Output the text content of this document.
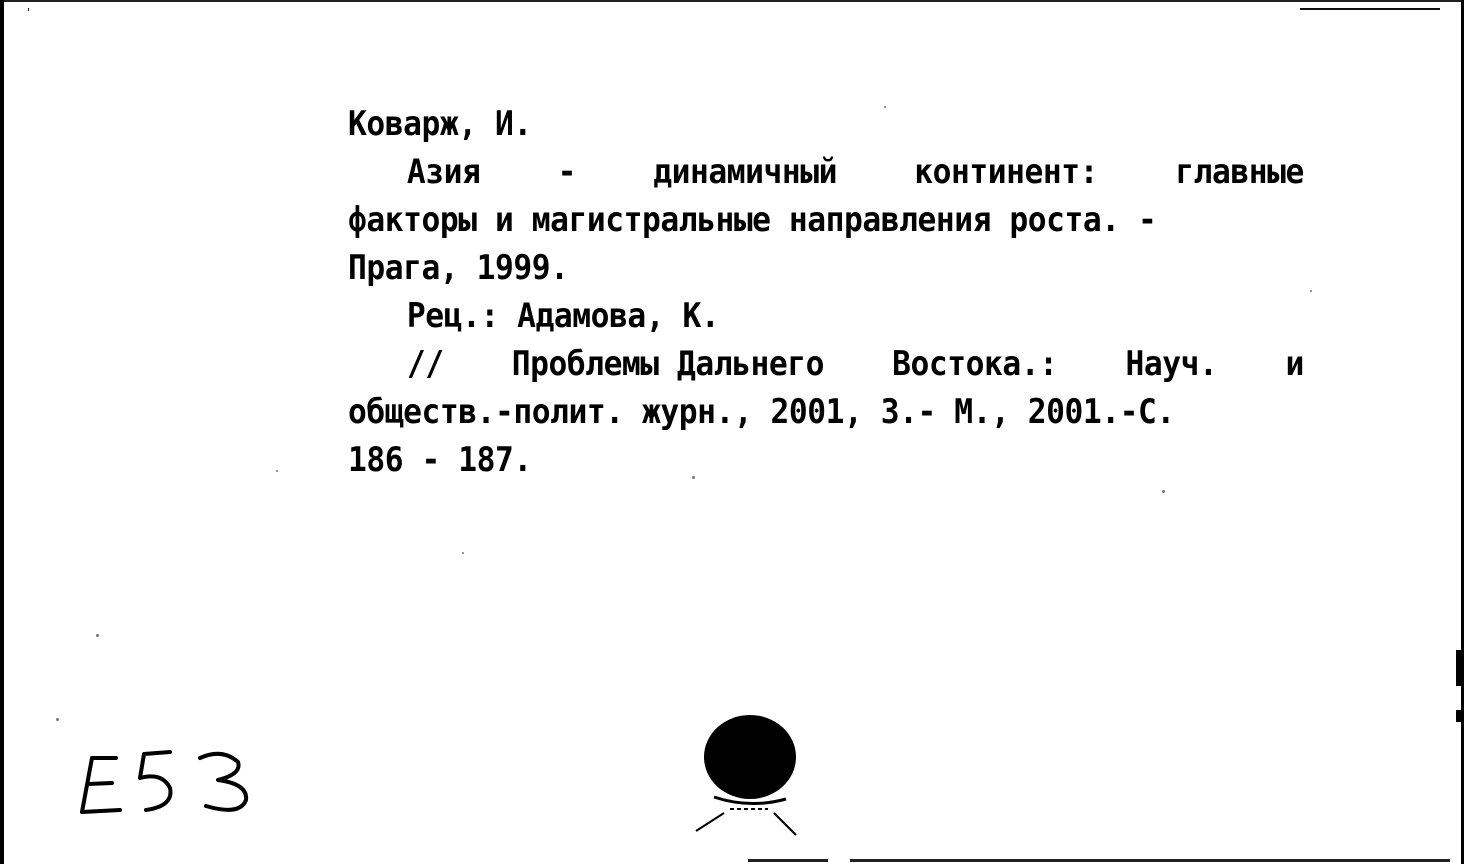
Коварж, И.
Азия - динамичный континент: главные
факторы и магистральные направления роста. -
Прага, 1999.
Рец.: Адамова, К.
// Проблемы Дальнего Востока.: Науч. и
обществ.-полит. журн., 2001, 3.- М., 2001.-С.
186 - 187.
